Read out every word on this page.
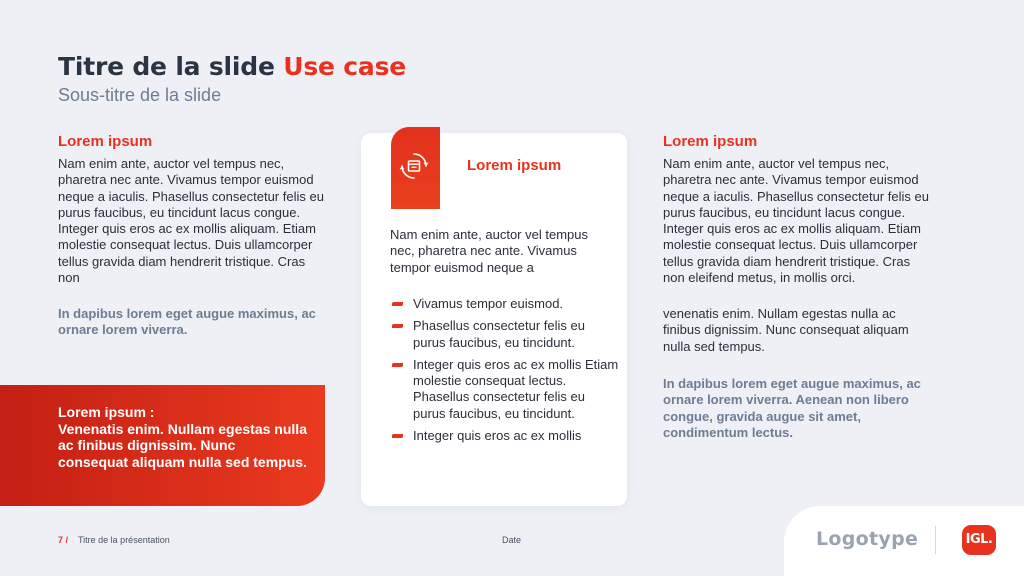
Titre de la slide Use case
Sous-titre de la slide
Lorem ipsum
Nam enim ante, auctor vel tempus nec, pharetra nec ante. Vivamus tempor euismod neque a iaculis. Phasellus consectetur felis eu purus faucibus, eu tincidunt lacus congue. Integer quis eros ac ex mollis aliquam. Etiam molestie consequat lectus. Duis ullamcorper tellus gravida diam hendrerit tristique. Cras non
In dapibus lorem eget augue maximus, ac ornare lorem viverra.
Lorem ipsum :
Venenatis enim. Nullam egestas nulla ac finibus dignissim. Nunc consequat aliquam nulla sed tempus.
Lorem ipsum
Nam enim ante, auctor vel tempus nec, pharetra nec ante. Vivamus tempor euismod neque a
Vivamus tempor euismod.
Phasellus consectetur felis eu purus faucibus, eu tincidunt.
Integer quis eros ac ex mollis Etiam molestie consequat lectus. Phasellus consectetur felis eu purus faucibus, eu tincidunt.
Integer quis eros ac ex mollis
Lorem ipsum
Nam enim ante, auctor vel tempus nec, pharetra nec ante. Vivamus tempor euismod neque a iaculis. Phasellus consectetur felis eu purus faucibus, eu tincidunt lacus congue. Integer quis eros ac ex mollis aliquam. Etiam molestie consequat lectus. Duis ullamcorper tellus gravida diam hendrerit tristique. Cras non eleifend metus, in mollis orci.
venenatis enim. Nullam egestas nulla ac finibus dignissim. Nunc consequat aliquam nulla sed tempus.
In dapibus lorem eget augue maximus, ac ornare lorem viverra. Aenean non libero congue, gravida augue sit amet, condimentum lectus.
7 / Titre de la présentation	Date	Logotype	IGL.
